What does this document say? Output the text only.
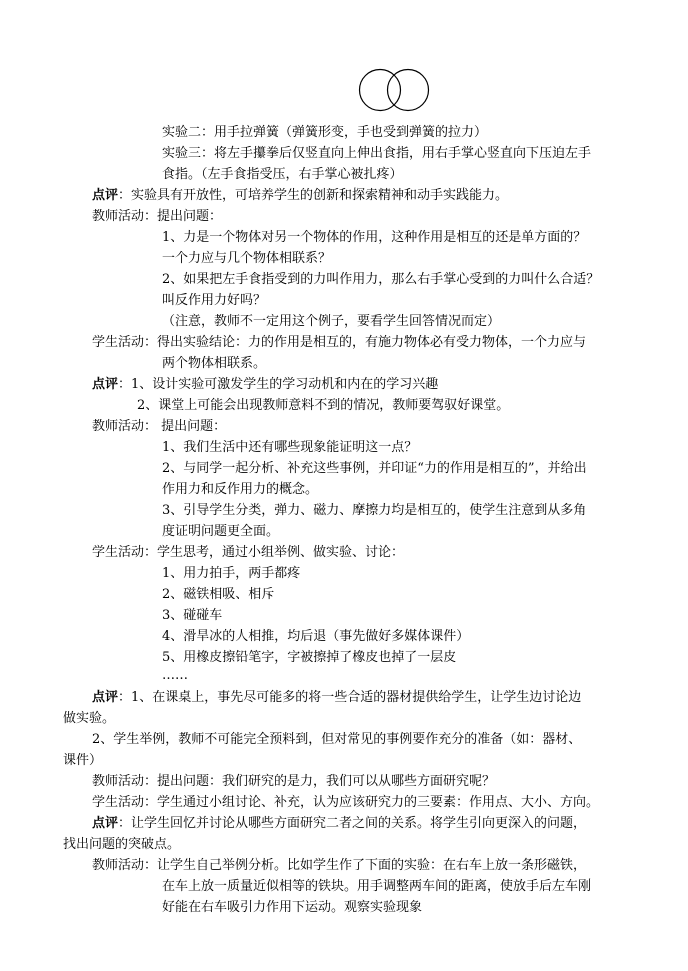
实验二：用手拉弹簧（弹簧形变，手也受到弹簧的拉力）
实验三：将左手攥拳后仅竖直向上伸出食指，用右手掌心竖直向下压迫左手
食指。（左手食指受压，右手掌心被扎疼）
点评：实验具有开放性，可培养学生的创新和探索精神和动手实践能力。
教师活动：提出问题：
1、力是一个物体对另一个物体的作用，这种作用是相互的还是单方面的？
一个力应与几个物体相联系？
2、如果把左手食指受到的力叫作用力，那么右手掌心受到的力叫什么合适？
叫反作用力好吗？
（注意，教师不一定用这个例子，要看学生回答情况而定）
学生活动：得出实验结论：力的作用是相互的，有施力物体必有受力物体，一个力应与
两个物体相联系。
点评：1、设计实验可激发学生的学习动机和内在的学习兴趣
2、课堂上可能会出现教师意料不到的情况，教师要驾驭好课堂。
教师活动： 提出问题：
1、我们生活中还有哪些现象能证明这一点？
2、与同学一起分析、补充这些事例，并印证“力的作用是相互的”，并给出
作用力和反作用力的概念。
3、引导学生分类，弹力、磁力、摩擦力均是相互的，使学生注意到从多角
度证明问题更全面。
学生活动：学生思考，通过小组举例、做实验、讨论：
1、用力拍手，两手都疼
2、磁铁相吸、相斥
3、碰碰车
4、滑旱冰的人相推，均后退（事先做好多媒体课件）
5、用橡皮擦铅笔字，字被擦掉了橡皮也掉了一层皮
……
点评：1、在课桌上，事先尽可能多的将一些合适的器材提供给学生，让学生边讨论边
做实验。
2、学生举例，教师不可能完全预料到，但对常见的事例要作充分的准备（如：器材、
课件）
教师活动：提出问题：我们研究的是力，我们可以从哪些方面研究呢？
学生活动：学生通过小组讨论、补充，认为应该研究力的三要素：作用点、大小、方向。
点评：让学生回忆并讨论从哪些方面研究二者之间的关系。将学生引向更深入的问题，
找出问题的突破点。
教师活动：让学生自己举例分析。比如学生作了下面的实验：在右车上放一条形磁铁，
在车上放一质量近似相等的铁块。用手调整两车间的距离，使放手后左车刚
好能在右车吸引力作用下运动。观察实验现象
